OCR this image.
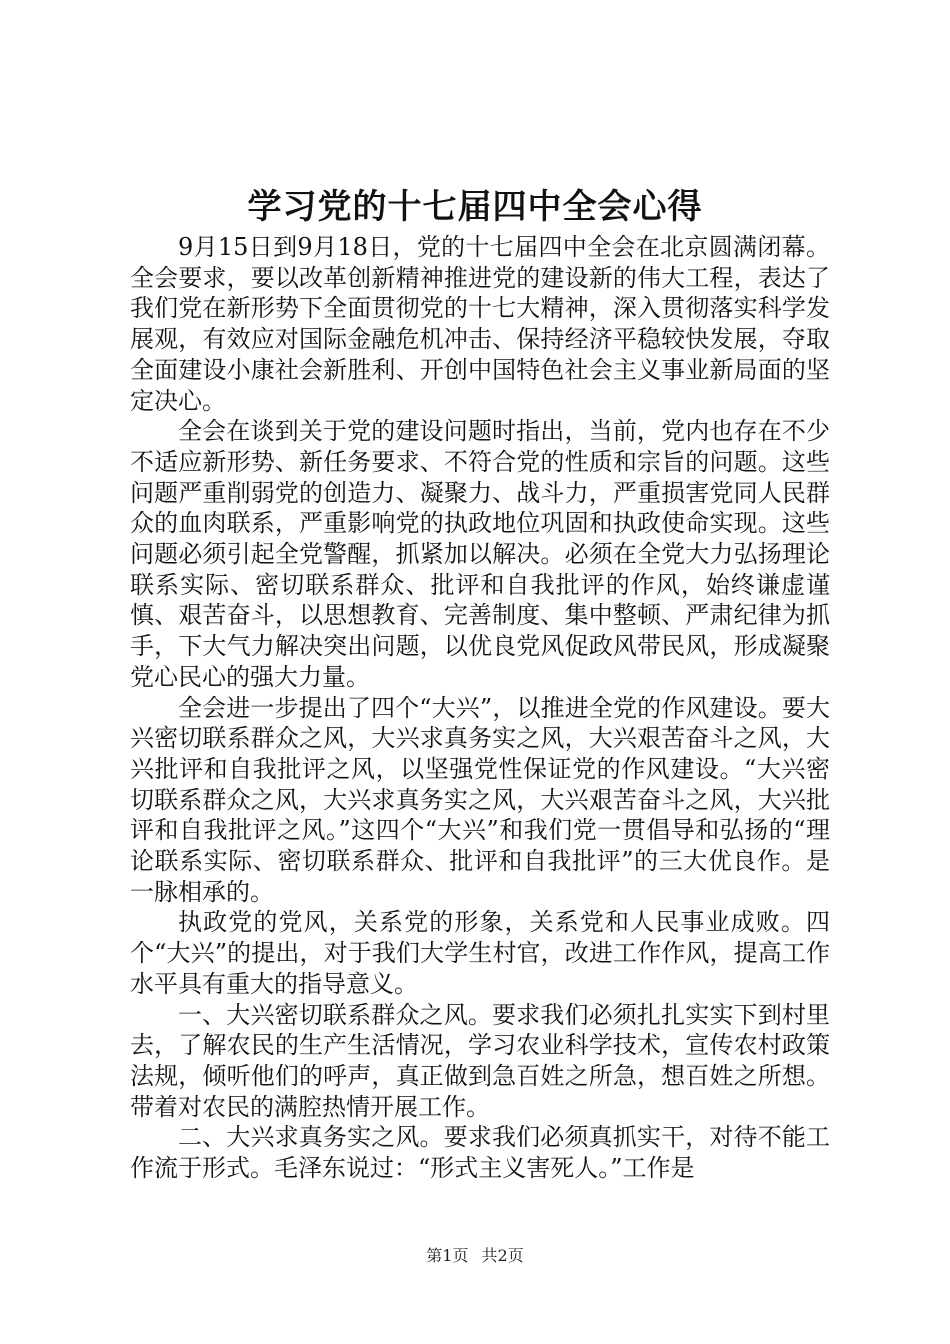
学习党的十七届四中全会心得

9月15日到9月18日，党的十七届四中全会在北京圆满闭幕。全会要求，要以改革创新精神推进党的建设新的伟大工程，表达了我们党在新形势下全面贯彻党的十七大精神，深入贯彻落实科学发展观，有效应对国际金融危机冲击、保持经济平稳较快发展，夺取全面建设小康社会新胜利、开创中国特色社会主义事业新局面的坚定决心。

全会在谈到关于党的建设问题时指出，当前，党内也存在不少不适应新形势、新任务要求、不符合党的性质和宗旨的问题。这些问题严重削弱党的创造力、凝聚力、战斗力，严重损害党同人民群众的血肉联系，严重影响党的执政地位巩固和执政使命实现。这些问题必须引起全党警醒，抓紧加以解决。必须在全党大力弘扬理论联系实际、密切联系群众、批评和自我批评的作风，始终谦虚谨慎、艰苦奋斗，以思想教育、完善制度、集中整顿、严肃纪律为抓手，下大气力解决突出问题，以优良党风促政风带民风，形成凝聚党心民心的强大力量。

全会进一步提出了四个“大兴”，以推进全党的作风建设。要大兴密切联系群众之风，大兴求真务实之风，大兴艰苦奋斗之风，大兴批评和自我批评之风，以坚强党性保证党的作风建设。“大兴密切联系群众之风，大兴求真务实之风，大兴艰苦奋斗之风，大兴批评和自我批评之风。”这四个“大兴”和我们党一贯倡导和弘扬的“理论联系实际、密切联系群众、批评和自我批评”的三大优良作。是一脉相承的。

执政党的党风，关系党的形象，关系党和人民事业成败。四个“大兴”的提出，对于我们大学生村官，改进工作作风，提高工作水平具有重大的指导意义。

一、大兴密切联系群众之风。要求我们必须扎扎实实下到村里去，了解农民的生产生活情况，学习农业科学技术，宣传农村政策法规，倾听他们的呼声，真正做到急百姓之所急，想百姓之所想。带着对农民的满腔热情开展工作。

二、大兴求真务实之风。要求我们必须真抓实干，对待不能工作流于形式。毛泽东说过：“形式主义害死人。”工作是

第1页 共2页
